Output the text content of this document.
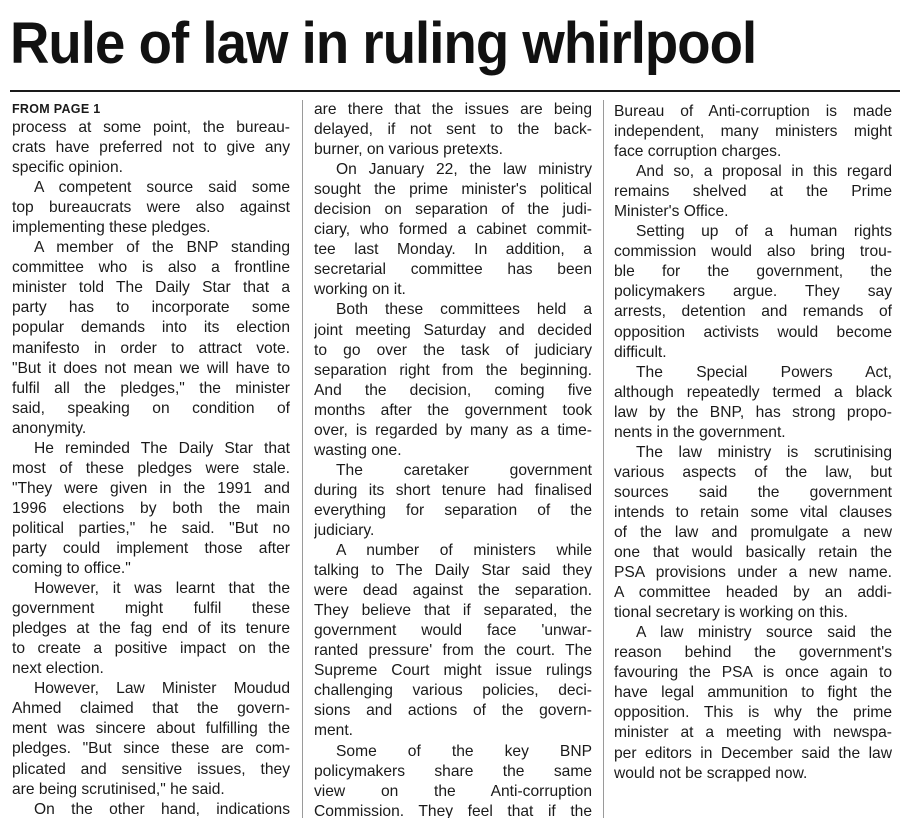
Rule of law in ruling whirlpool
FROM PAGE 1
process at some point, the bureau-
crats have preferred not to give any
specific opinion.
A competent source said some
top bureaucrats were also against
implementing these pledges.
A member of the BNP standing
committee who is also a frontline
minister told The Daily Star that a
party has to incorporate some
popular demands into its election
manifesto in order to attract vote.
"But it does not mean we will have to
fulfil all the pledges," the minister
said, speaking on condition of
anonymity.
He reminded The Daily Star that
most of these pledges were stale.
"They were given in the 1991 and
1996 elections by both the main
political parties," he said. "But no
party could implement those after
coming to office."
However, it was learnt that the
government might fulfil these
pledges at the fag end of its tenure
to create a positive impact on the
next election.
However, Law Minister Moudud
Ahmed claimed that the govern-
ment was sincere about fulfilling the
pledges. "But since these are com-
plicated and sensitive issues, they
are being scrutinised," he said.
On the other hand, indications
are there that the issues are being
delayed, if not sent to the back-
burner, on various pretexts.
On January 22, the law ministry
sought the prime minister's political
decision on separation of the judi-
ciary, who formed a cabinet commit-
tee last Monday. In addition, a
secretarial committee has been
working on it.
Both these committees held a
joint meeting Saturday and decided
to go over the task of judiciary
separation right from the beginning.
And the decision, coming five
months after the government took
over, is regarded by many as a time-
wasting one.
The caretaker government
during its short tenure had finalised
everything for separation of the
judiciary.
A number of ministers while
talking to The Daily Star said they
were dead against the separation.
They believe that if separated, the
government would face 'unwar-
ranted pressure' from the court. The
Supreme Court might issue rulings
challenging various policies, deci-
sions and actions of the govern-
ment.
Some of the key BNP
policymakers share the same
view on the Anti-corruption
Commission. They feel that if the
Bureau of Anti-corruption is made
independent, many ministers might
face corruption charges.
And so, a proposal in this regard
remains shelved at the Prime
Minister's Office.
Setting up of a human rights
commission would also bring trou-
ble for the government, the
policymakers argue. They say
arrests, detention and remands of
opposition activists would become
difficult.
The Special Powers Act,
although repeatedly termed a black
law by the BNP, has strong propo-
nents in the government.
The law ministry is scrutinising
various aspects of the law, but
sources said the government
intends to retain some vital clauses
of the law and promulgate a new
one that would basically retain the
PSA provisions under a new name.
A committee headed by an addi-
tional secretary is working on this.
A law ministry source said the
reason behind the government's
favouring the PSA is once again to
have legal ammunition to fight the
opposition. This is why the prime
minister at a meeting with newspa-
per editors in December said the law
would not be scrapped now.
